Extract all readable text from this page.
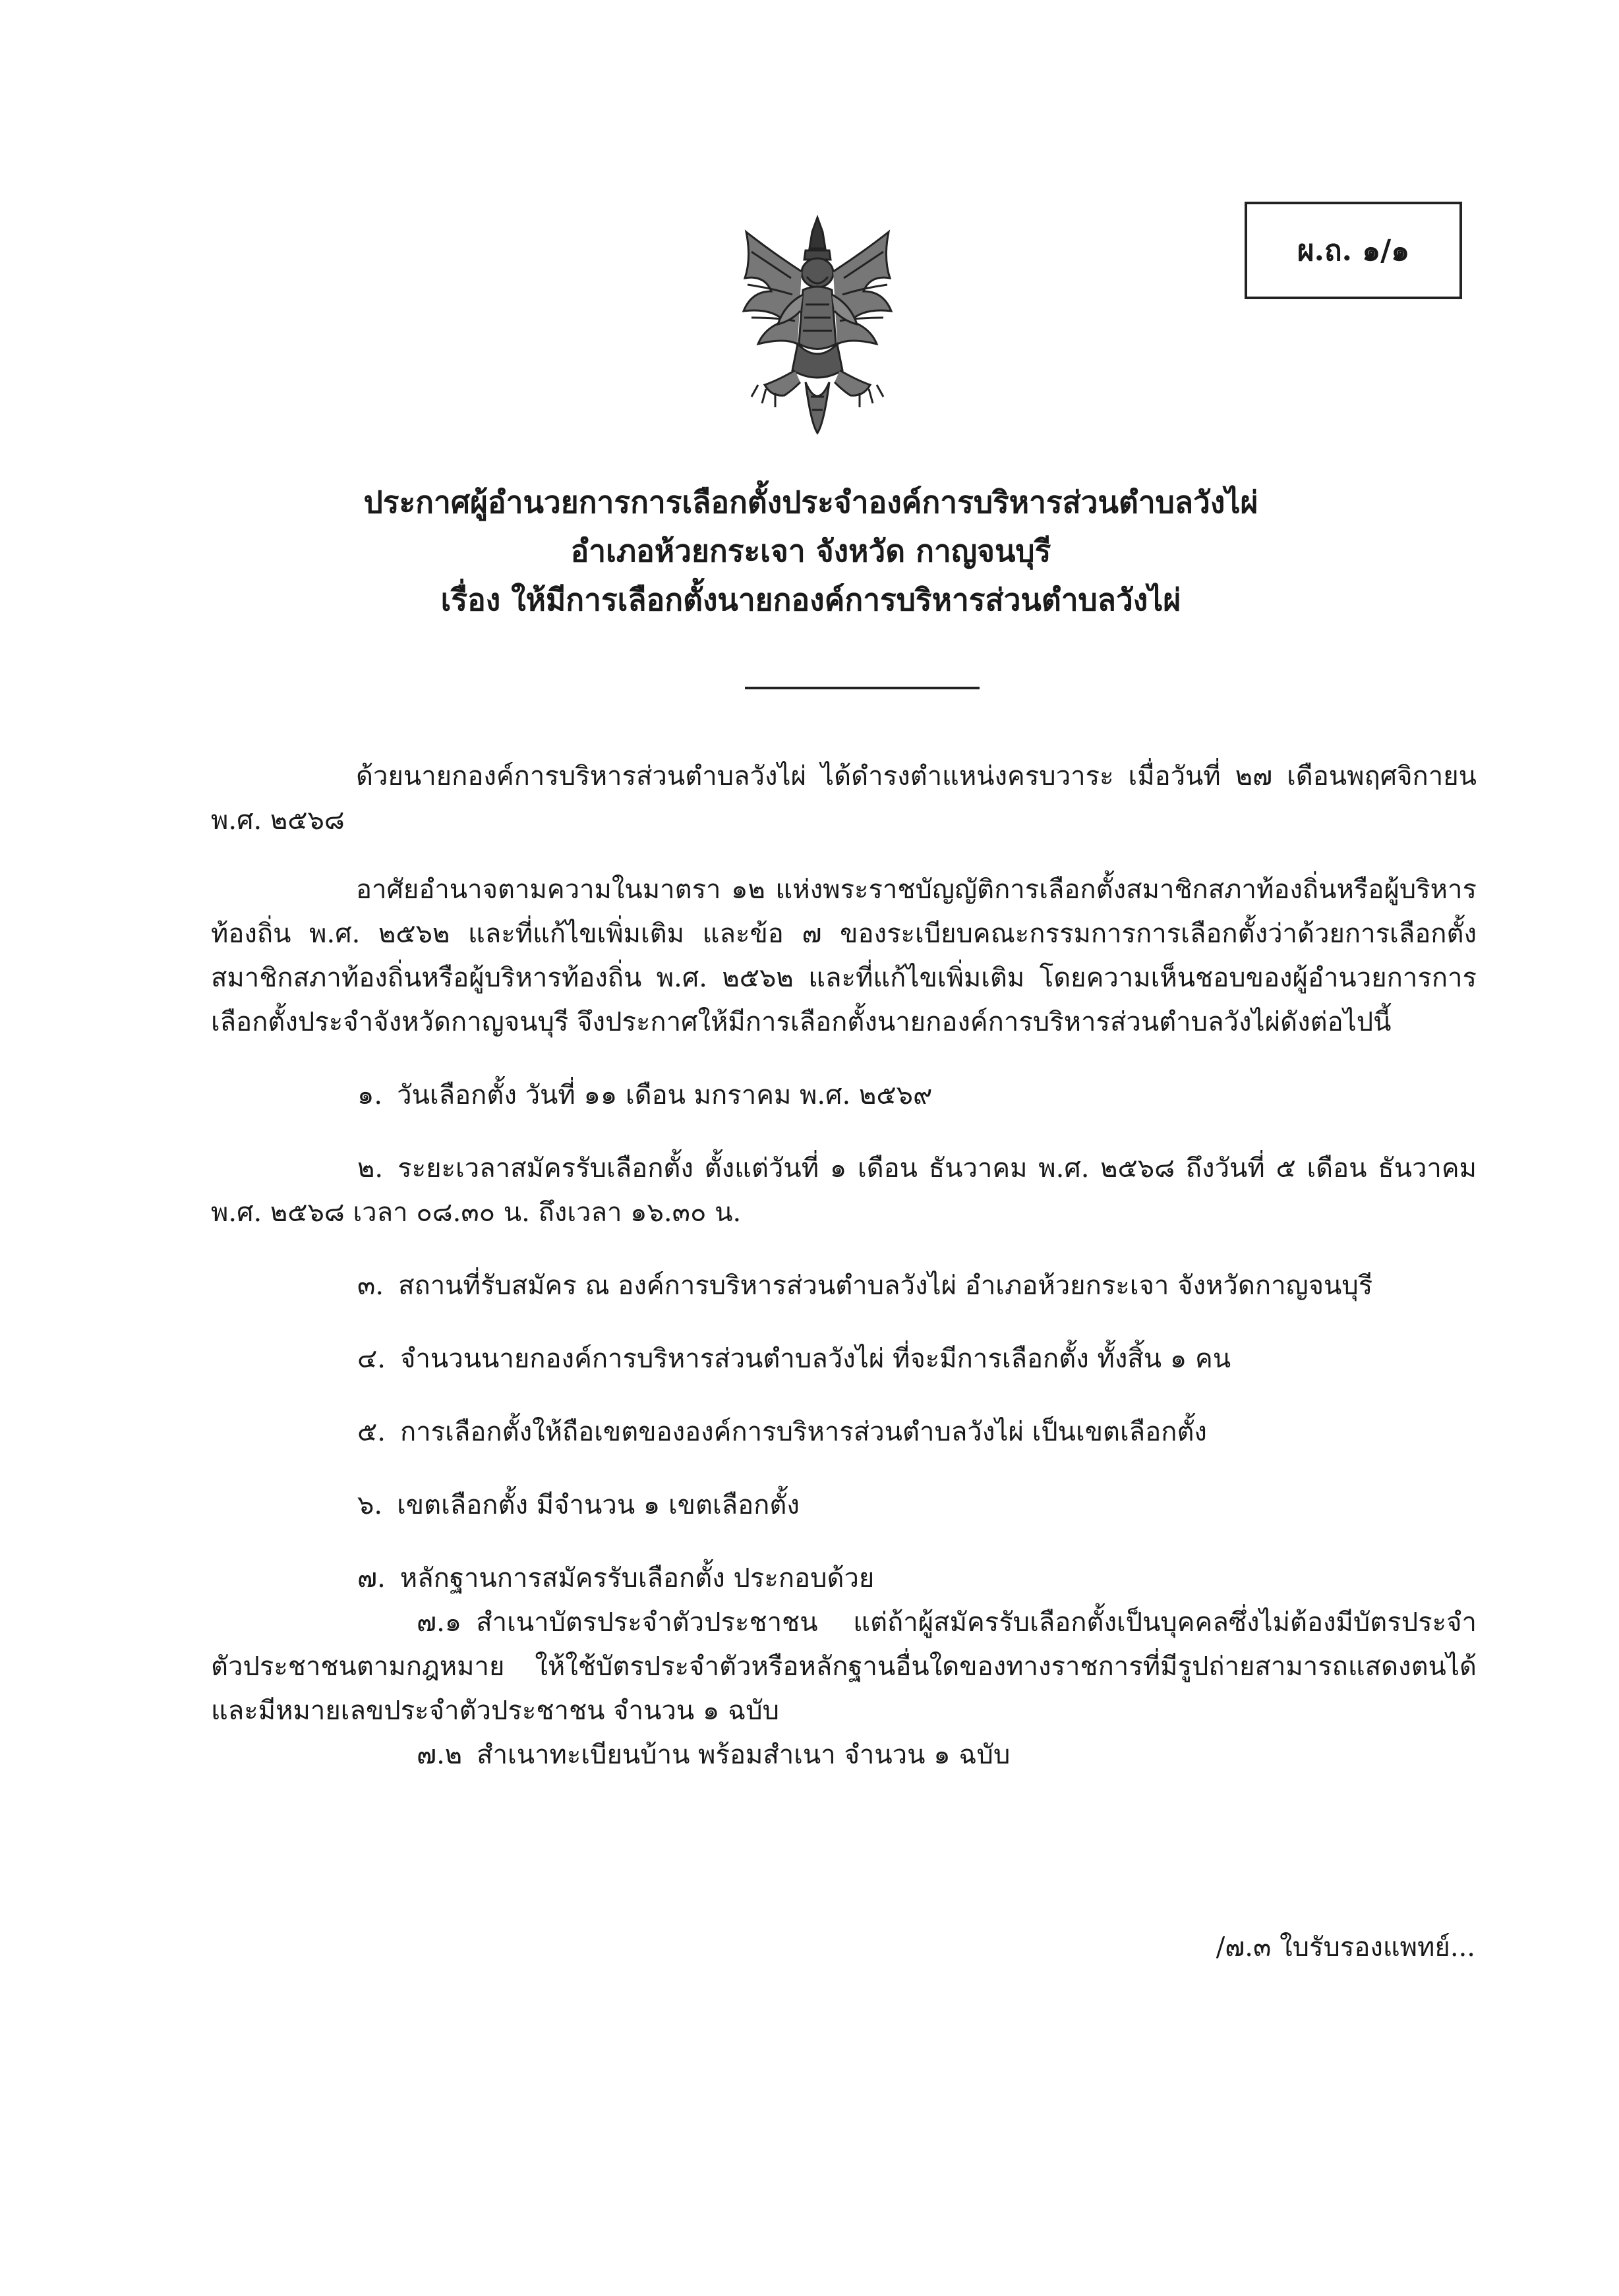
ผ.ถ. ๑/๑
ประกาศผู้อำนวยการการเลือกตั้งประจำองค์การบริหารส่วนตำบลวังไผ่
อำเภอห้วยกระเจา จังหวัด กาญจนบุรี
เรื่อง ให้มีการเลือกตั้งนายกองค์การบริหารส่วนตำบลวังไผ่

ด้วยนายกองค์การบริหารส่วนตำบลวังไผ่ ได้ดำรงตำแหน่งครบวาระ เมื่อวันที่ ๒๗ เดือนพฤศจิกายน พ.ศ. ๒๕๖๘

อาศัยอำนาจตามความในมาตรา ๑๒ แห่งพระราชบัญญัติการเลือกตั้งสมาชิกสภาท้องถิ่นหรือผู้บริหารท้องถิ่น พ.ศ. ๒๕๖๒ และที่แก้ไขเพิ่มเติม และข้อ ๗ ของระเบียบคณะกรรมการการเลือกตั้งว่าด้วยการเลือกตั้งสมาชิกสภาท้องถิ่นหรือผู้บริหารท้องถิ่น พ.ศ. ๒๕๖๒ และที่แก้ไขเพิ่มเติม โดยความเห็นชอบของผู้อำนวยการการเลือกตั้งประจำจังหวัดกาญจนบุรี จึงประกาศให้มีการเลือกตั้งนายกองค์การบริหารส่วนตำบลวังไผ่ดังต่อไปนี้

๑. วันเลือกตั้ง วันที่ ๑๑ เดือน มกราคม พ.ศ. ๒๕๖๙

๒. ระยะเวลาสมัครรับเลือกตั้ง ตั้งแต่วันที่ ๑ เดือน ธันวาคม พ.ศ. ๒๕๖๘ ถึงวันที่ ๕ เดือน ธันวาคม พ.ศ. ๒๕๖๘ เวลา ๐๘.๓๐ น. ถึงเวลา ๑๖.๓๐ น.

๓. สถานที่รับสมัคร ณ องค์การบริหารส่วนตำบลวังไผ่ อำเภอห้วยกระเจา จังหวัดกาญจนบุรี

๔. จำนวนนายกองค์การบริหารส่วนตำบลวังไผ่ ที่จะมีการเลือกตั้ง ทั้งสิ้น ๑ คน

๕. การเลือกตั้งให้ถือเขตขององค์การบริหารส่วนตำบลวังไผ่ เป็นเขตเลือกตั้ง

๖. เขตเลือกตั้ง มีจำนวน ๑ เขตเลือกตั้ง

๗. หลักฐานการสมัครรับเลือกตั้ง ประกอบด้วย

๗.๑ สำเนาบัตรประจำตัวประชาชน แต่ถ้าผู้สมัครรับเลือกตั้งเป็นบุคคลซึ่งไม่ต้องมีบัตรประจำตัวประชาชนตามกฎหมาย ให้ใช้บัตรประจำตัวหรือหลักฐานอื่นใดของทางราชการที่มีรูปถ่ายสามารถแสดงตนได้และมีหมายเลขประจำตัวประชาชน จำนวน ๑ ฉบับ

๗.๒ สำเนาทะเบียนบ้าน พร้อมสำเนา จำนวน ๑ ฉบับ

/๗.๓ ใบรับรองแพทย์...
